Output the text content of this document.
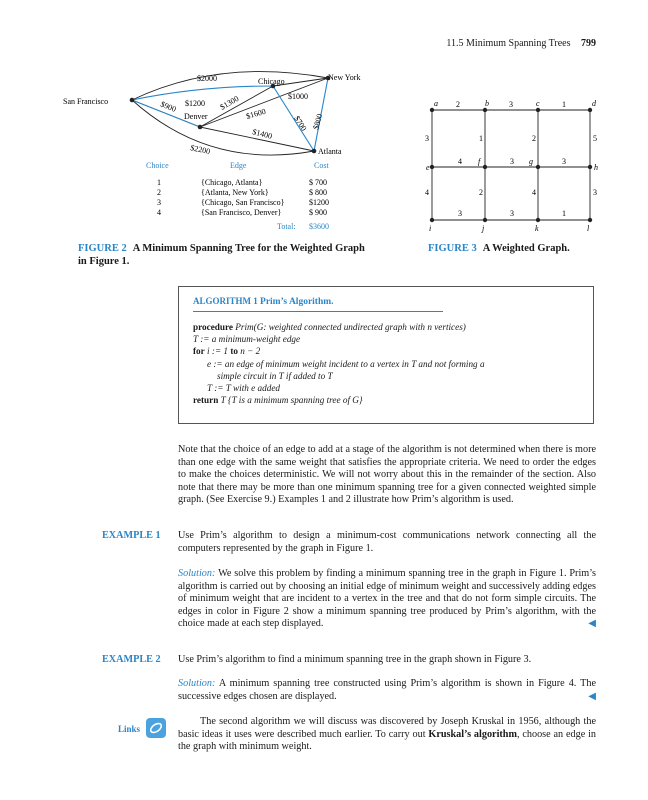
11.5 Minimum Spanning Trees 799
San Francisco
Chicago	New York
Denver
Atlanta
$2000
$1000
$900 $1200 $1300
$1600
$700 $800
$1400
$2200
Choice	Edge	Cost
1	{Chicago, Atlanta}	$ 700
2	{Atlanta, New York}	$ 800
3	{Chicago, San Francisco}	$1200
4	{San Francisco, Denver}	$ 900
Total: $3600
a	b	c	d
e
f	g
h
i	j	k	l
2	3	1
3	1	2	5
4	3	3
4	2	4	3
3	3	1
FIGURE 2 A Minimum Spanning Tree for the Weighted Graph in Figure 1.
FIGURE 3 A Weighted Graph.
ALGORITHM 1 Prim’s Algorithm.
procedure Prim(G: weighted connected undirected graph with n vertices)
T := a minimum-weight edge
for i := 1 to n − 2
e := an edge of minimum weight incident to a vertex in T and not forming a
simple circuit in T if added to T
T := T with e added
return T {T is a minimum spanning tree of G}
Note that the choice of an edge to add at a stage of the algorithm is not determined when there is more than one edge with the same weight that satisfies the appropriate criteria. We need to order the edges to make the choices deterministic. We will not worry about this in the remainder of the section. Also note that there may be more than one minimum spanning tree for a given connected weighted simple graph. (See Exercise 9.) Examples 1 and 2 illustrate how Prim’s algorithm is used.
EXAMPLE 1 Use Prim’s algorithm to design a minimum-cost communications network connecting all the computers represented by the graph in Figure 1.
Solution: We solve this problem by finding a minimum spanning tree in the graph in Figure 1. Prim’s algorithm is carried out by choosing an initial edge of minimum weight and successively adding edges of minimum weight that are incident to a vertex in the tree and that do not form simple circuits. The edges in color in Figure 2 show a minimum spanning tree produced by Prim’s algorithm, with the choice made at each step displayed.	◀
EXAMPLE 2 Use Prim’s algorithm to find a minimum spanning tree in the graph shown in Figure 3.
Solution: A minimum spanning tree constructed using Prim’s algorithm is shown in Figure 4. The successive edges chosen are displayed.	◀
Links
The second algorithm we will discuss was discovered by Joseph Kruskal in 1956, although the basic ideas it uses were described much earlier. To carry out Kruskal’s algorithm, choose an edge in the graph with minimum weight.
